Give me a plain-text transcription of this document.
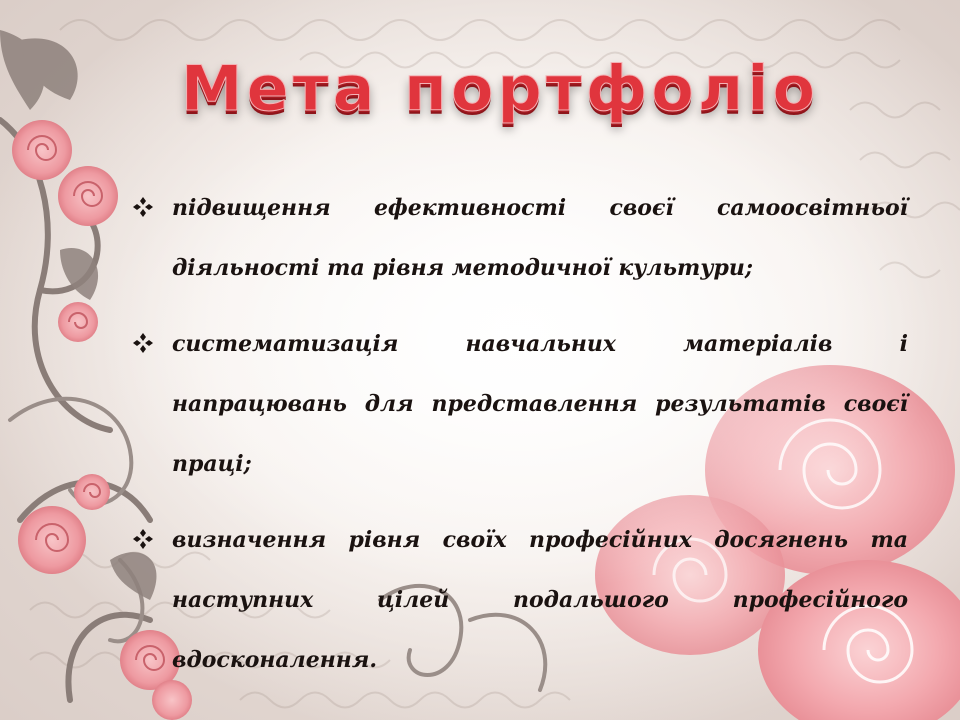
Мета портфоліо
підвищення ефективності своєї самоосвітньої діяльності та рівня методичної культури;
систематизація навчальних матеріалів і напрацювань для представлення результатів своєї праці;
визначення рівня своїх професійних досягнень та наступних цілей подальшого професійного вдосконалення.
